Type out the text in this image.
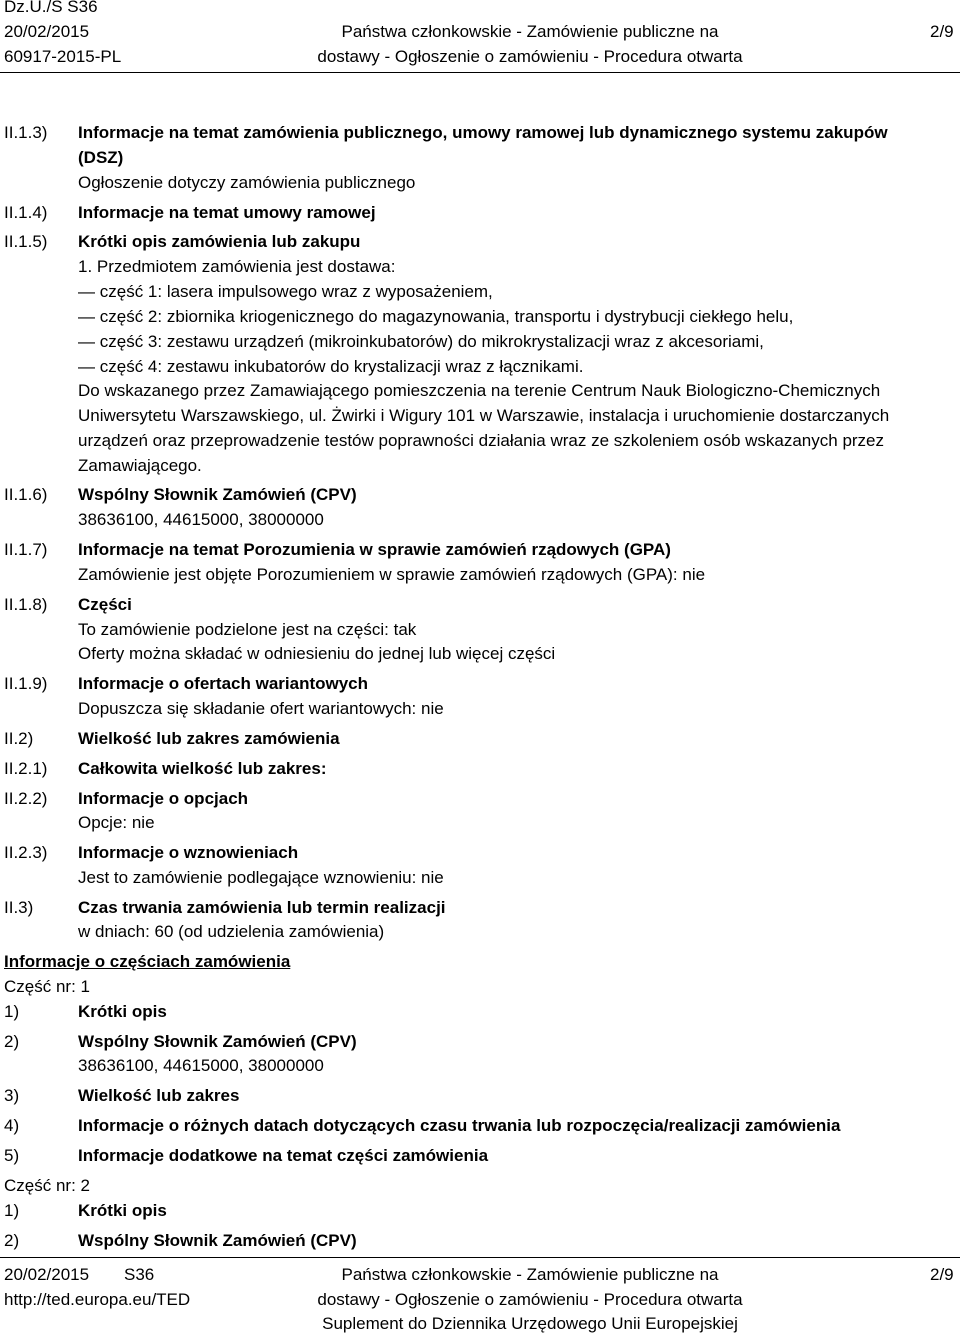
Dz.U./S S36
20/02/2015
60917-2015-PL
Państwa członkowskie - Zamówienie publiczne na
dostawy - Ogłoszenie o zamówieniu - Procedura otwarta
2/9
II.1.3) Informacje na temat zamówienia publicznego, umowy ramowej lub dynamicznego systemu zakupów
(DSZ)
Ogłoszenie dotyczy zamówienia publicznego
II.1.4) Informacje na temat umowy ramowej
II.1.5) Krótki opis zamówienia lub zakupu
1. Przedmiotem zamówienia jest dostawa:
— część 1: lasera impulsowego wraz z wyposażeniem,
— część 2: zbiornika kriogenicznego do magazynowania, transportu i dystrybucji ciekłego helu,
— część 3: zestawu urządzeń (mikroinkubatorów) do mikrokrystalizacji wraz z akcesoriami,
— część 4: zestawu inkubatorów do krystalizacji wraz z łącznikami.
Do wskazanego przez Zamawiającego pomieszczenia na terenie Centrum Nauk Biologiczno-Chemicznych
Uniwersytetu Warszawskiego, ul. Żwirki i Wigury 101 w Warszawie, instalacja i uruchomienie dostarczanych
urządzeń oraz przeprowadzenie testów poprawności działania wraz ze szkoleniem osób wskazanych przez
Zamawiającego.
II.1.6) Wspólny Słownik Zamówień (CPV)
38636100, 44615000, 38000000
II.1.7) Informacje na temat Porozumienia w sprawie zamówień rządowych (GPA)
Zamówienie jest objęte Porozumieniem w sprawie zamówień rządowych (GPA): nie
II.1.8) Części
To zamówienie podzielone jest na części: tak
Oferty można składać w odniesieniu do jednej lub więcej części
II.1.9) Informacje o ofertach wariantowych
Dopuszcza się składanie ofert wariantowych: nie
II.2)	Wielkość lub zakres zamówienia
II.2.1) Całkowita wielkość lub zakres:
II.2.2) Informacje o opcjach
Opcje: nie
II.2.3) Informacje o wznowieniach
Jest to zamówienie podlegające wznowieniu: nie
II.3)	Czas trwania zamówienia lub termin realizacji
w dniach: 60 (od udzielenia zamówienia)
Informacje o częściach zamówienia
Część nr: 1
1)	Krótki opis
2)	Wspólny Słownik Zamówień (CPV)
38636100, 44615000, 38000000
3)	Wielkość lub zakres
4)	Informacje o różnych datach dotyczących czasu trwania lub rozpoczęcia/realizacji zamówienia
5)	Informacje dodatkowe na temat części zamówienia
Część nr: 2
1)	Krótki opis
2)	Wspólny Słownik Zamówień (CPV)
20/02/2015 S36
http://ted.europa.eu/TED
Państwa członkowskie - Zamówienie publiczne na
dostawy - Ogłoszenie o zamówieniu - Procedura otwarta
Suplement do Dziennika Urzędowego Unii Europejskiej
2/9
